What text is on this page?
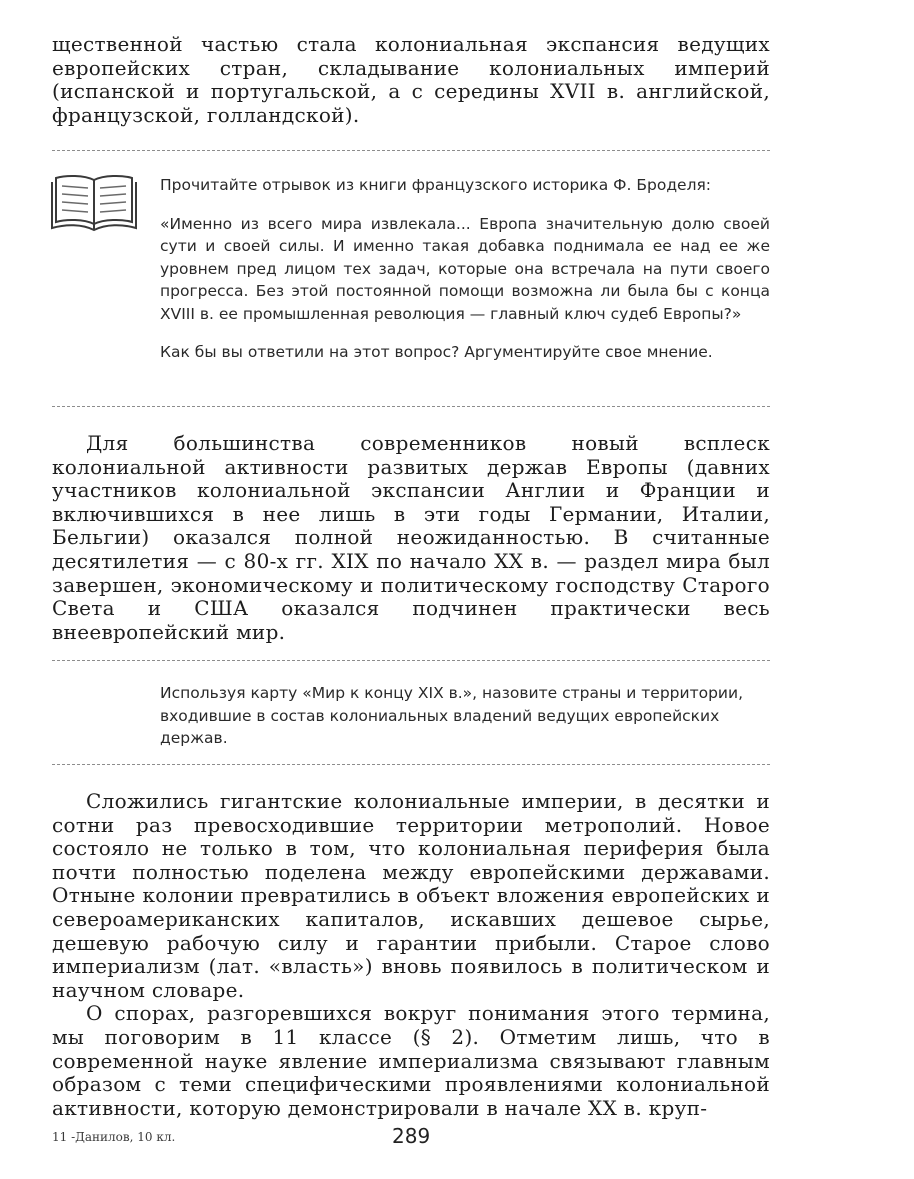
щественной частью стала колониальная экспансия ведущих европейских стран, складывание колониальных империй (испанской и португальской, а с середины XVII в. английской, французской, голландской).

Прочитайте отрывок из книги французского историка Ф. Броделя:

«Именно из всего мира извлекала... Европа значительную долю своей сути и своей силы. И именно такая добавка поднимала ее над ее же уровнем пред лицом тех задач, которые она встречала на пути своего прогресса. Без этой постоянной помощи возможна ли была бы с конца XVIII в. ее промышленная революция — главный ключ судеб Европы?»

Как бы вы ответили на этот вопрос? Аргументируйте свое мнение.

Для большинства современников новый всплеск колониальной активности развитых держав Европы (давних участников колониальной экспансии Англии и Франции и включившихся в нее лишь в эти годы Германии, Италии, Бельгии) оказался полной неожиданностью. В считанные десятилетия — с 80-х гг. XIX по начало XX в. — раздел мира был завершен, экономическому и политическому господству Старого Света и США оказался подчинен практически весь внеевропейский мир.

Используя карту «Мир к концу XIX в.», назовите страны и территории, входившие в состав колониальных владений ведущих европейских держав.

Сложились гигантские колониальные империи, в десятки и сотни раз превосходившие территории метрополий. Новое состояло не только в том, что колониальная периферия была почти полностью поделена между европейскими державами. Отныне колонии превратились в объект вложения европейских и североамериканских капиталов, искавших дешевое сырье, дешевую рабочую силу и гарантии прибыли. Старое слово империализм (лат. «власть») вновь появилось в политическом и научном словаре.

О спорах, разгоревшихся вокруг понимания этого термина, мы поговорим в 11 классе (§ 2). Отметим лишь, что в современной науке явление империализма связывают главным образом с теми специфическими проявлениями колониальной активности, которую демонстрировали в начале XX в. круп-

11 -Данилов, 10 кл.	289
